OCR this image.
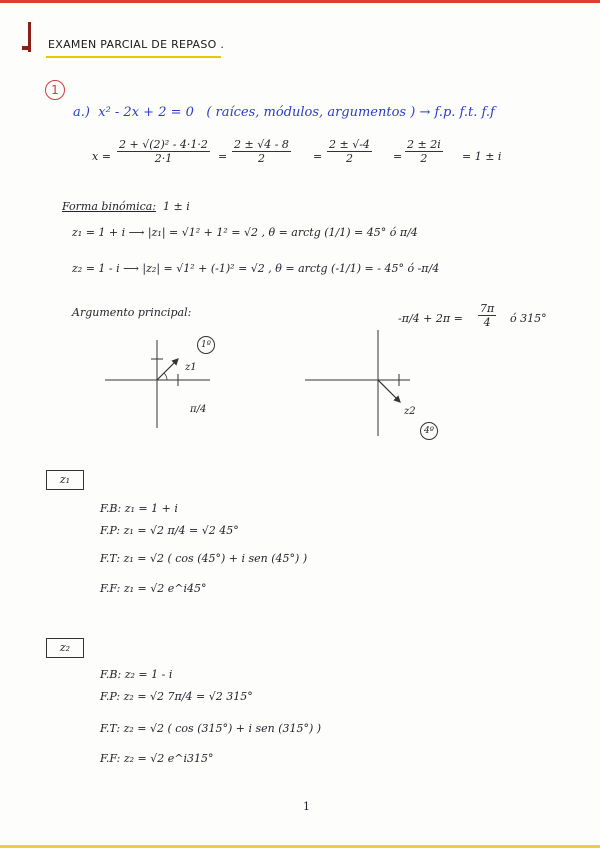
EXAMEN PARCIAL DE REPASO .
1
a.) x² - 2x + 2 = 0 ( raíces, módulos, argumentos ) → f.p. f.t. f.f
$x = \frac{\text{2 + √(2)² - 4·1·2}}{2\cdot 1} = \frac{2 \pm √4 - 8}{2} = \frac{2 \pm √-4}{2} = \frac{2 \pm 2i}{2} = 1 \pm i$
Forma binómica: 1 ± i
z₁ = 1 + i ⟶ |z₁| = √1² + 1² = √2 , θ = arctg (1/1) = 45° ó π/4
z₂ = 1 - i ⟶ |z₂| = √1² + (-1)² = √2 , θ = arctg (-1/1) = - 45° ó -π/4
Argumento principal:	$-\pi/4 + 2\pi = \frac{7\pi}{4}$ ó 315°
1º
z1
π/4
4º
z2
z₁
F.B: z₁ = 1 + i
F.P: z₁ = √2 π/4 = √2 45°
F.T: z₁ = √2 ( cos (45°) + i sen (45°) )
F.F: z₁ = √2 e^i45°
z₂
F.B: z₂ = 1 - i
F.P: z₂ = √2 7π/4 = √2 315°
F.T: z₂ = √2 ( cos (315°) + i sen (315°) )
F.F: z₂ = √2 e^i315°
1
